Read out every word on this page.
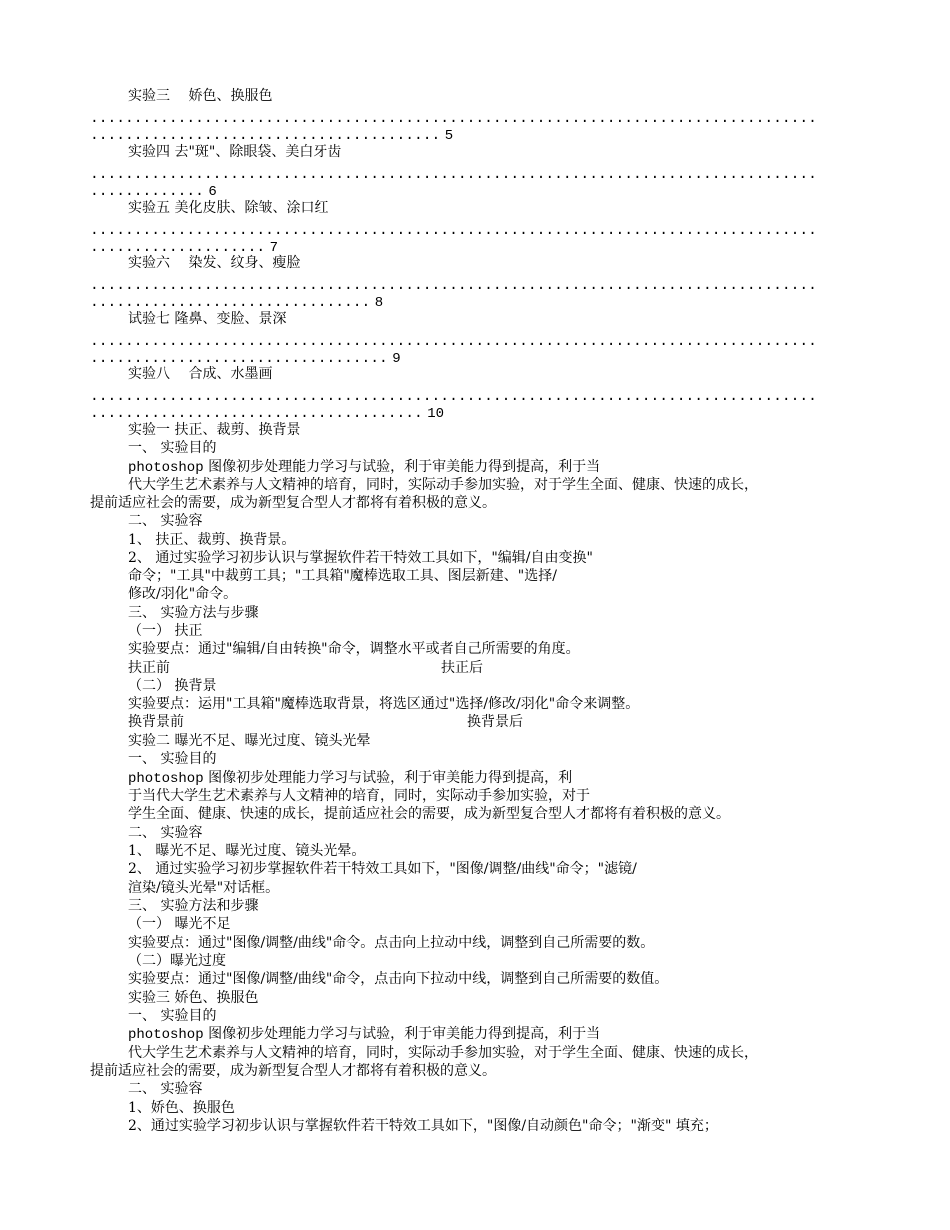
实验三　 娇色、换服色
...................................................................................
........................................ 5
实验四 去"斑"、除眼袋、美白牙齿
...................................................................................
............. 6
实验五 美化皮肤、除皱、涂口红
...................................................................................
.................... 7
实验六　 染发、纹身、瘦脸
...................................................................................
................................ 8
试验七 隆鼻、变脸、景深
...................................................................................
.................................. 9
实验八　 合成、水墨画
...................................................................................
...................................... 10
实验一 扶正、裁剪、换背景
一、 实验目的
photoshop 图像初步处理能力学习与试验，利于审美能力得到提高，利于当
代大学生艺术素养与人文精神的培育，同时，实际动手参加实验，对于学生全面、健康、快速的成长，
提前适应社会的需要，成为新型复合型人才都将有着积极的意义。
二、 实验容
1、 扶正、裁剪、换背景。
2、 通过实验学习初步认识与掌握软件若干特效工具如下，"编辑/自由变换"
命令；"工具"中裁剪工具；"工具箱"魔棒选取工具、图层新建、"选择/
修改/羽化"命令。
三、 实验方法与步骤
（一） 扶正
实验要点：通过"编辑/自由转换"命令，调整水平或者自己所需要的角度。
扶正前	扶正后
（二） 换背景
实验要点：运用"工具箱"魔棒选取背景，将选区通过"选择/修改/羽化"命令来调整。
换背景前	换背景后
实验二 曝光不足、曝光过度、镜头光晕
一、 实验目的
photoshop 图像初步处理能力学习与试验，利于审美能力得到提高，利
于当代大学生艺术素养与人文精神的培育，同时，实际动手参加实验，对于
学生全面、健康、快速的成长，提前适应社会的需要，成为新型复合型人才都将有着积极的意义。
二、 实验容
1、 曝光不足、曝光过度、镜头光晕。
2、 通过实验学习初步掌握软件若干特效工具如下，"图像/调整/曲线"命令；"滤镜/
渲染/镜头光晕"对话框。
三、 实验方法和步骤
（一） 曝光不足
实验要点：通过"图像/调整/曲线"命令。点击向上拉动中线，调整到自己所需要的数。
（二）曝光过度
实验要点：通过"图像/调整/曲线"命令，点击向下拉动中线，调整到自己所需要的数值。
实验三 娇色、换服色
一、 实验目的
photoshop 图像初步处理能力学习与试验，利于审美能力得到提高，利于当
代大学生艺术素养与人文精神的培育，同时，实际动手参加实验，对于学生全面、健康、快速的成长，
提前适应社会的需要，成为新型复合型人才都将有着积极的意义。
二、 实验容
1、娇色、换服色
2、通过实验学习初步认识与掌握软件若干特效工具如下，"图像/自动颜色"命令；"渐变" 填充；
